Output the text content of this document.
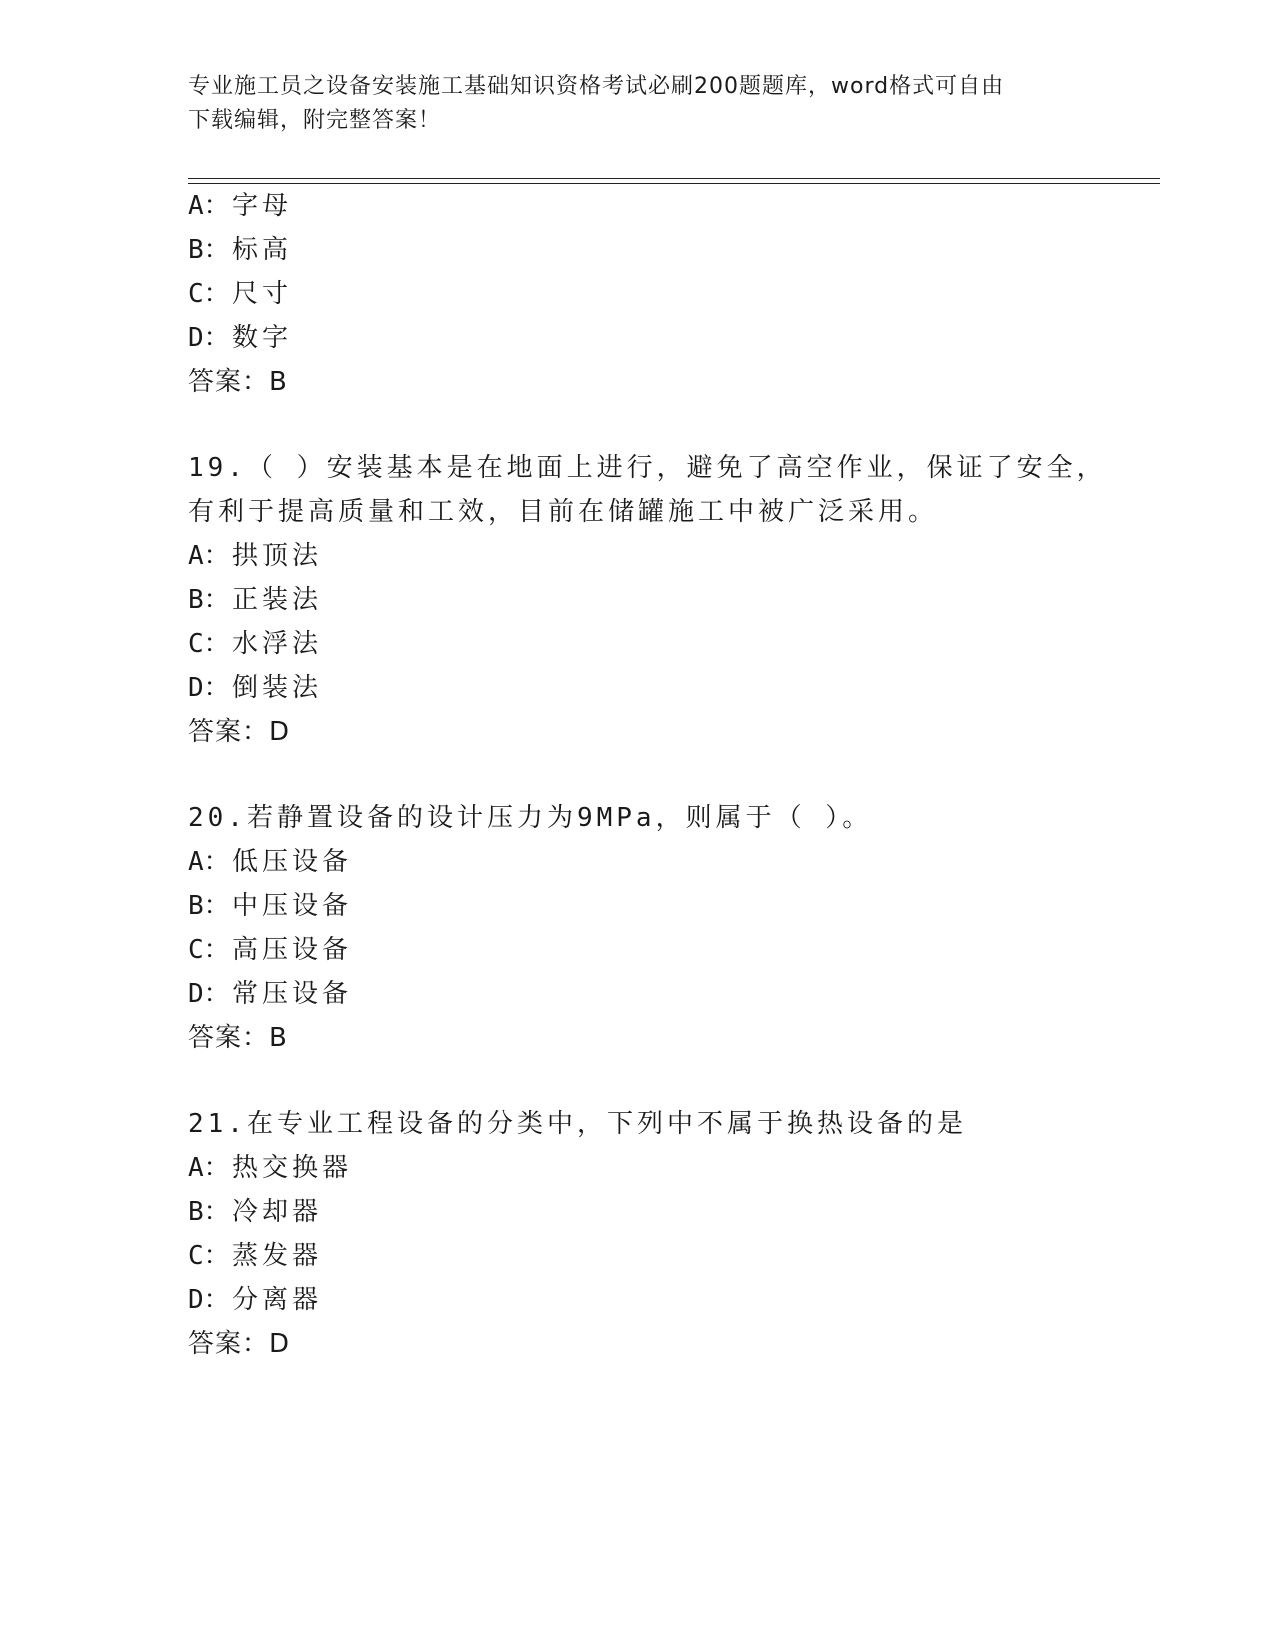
专业施工员之设备安装施工基础知识资格考试必刷200题题库，word格式可自由
下载编辑，附完整答案！
A：字母
B：标高
C：尺寸
D：数字
答案：B
19.（ ）安装基本是在地面上进行，避免了高空作业，保证了安全，
有利于提高质量和工效，目前在储罐施工中被广泛采用。
A：拱顶法
B：正装法
C：水浮法
D：倒装法
答案：D
20.若静置设备的设计压力为9MPa，则属于（ ）。
A：低压设备
B：中压设备
C：高压设备
D：常压设备
答案：B
21.在专业工程设备的分类中，下列中不属于换热设备的是
A：热交换器
B：冷却器
C：蒸发器
D：分离器
答案：D
